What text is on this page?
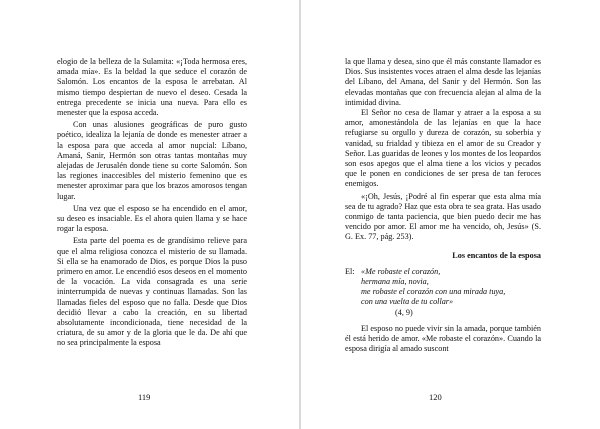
elogio de la belleza de la Sulamita: «¡Toda hermosa eres, amada mía». Es la beldad la que seduce el corazón de Salomón. Los encantos de la esposa le arrebatan. Al mismo tiempo despiertan de nuevo el deseo. Cesada la entrega precedente se inicia una nueva. Para ello es menester que la esposa acceda.

Con unas alusiones geográficas de puro gusto poético, idealiza la lejanía de donde es menester atraer a la esposa para que acceda al amor nupcial: Líbano, Amaná, Sanir, Hermón son otras tantas montañas muy alejadas de Jerusalén donde tiene su corte Salomón. Son las regiones inaccesibles del misterio femenino que es menester aproximar para que los brazos amorosos tengan lugar.

Una vez que el esposo se ha encendido en el amor, su deseo es insaciable. Es el ahora quien llama y se hace rogar la esposa.

Esta parte del poema es de grandísimo relieve para que el alma religiosa conozca el misterio de su llamada. Si ella se ha enamorado de Dios, es porque Dios la puso primero en amor. Le encendió esos deseos en el momento de la vocación. La vida consagrada es una serie ininterrumpida de nuevas y continuas llamadas. Son las llamadas fieles del esposo que no falla. Desde que Dios decidió llevar a cabo la creación, en su libertad absolutamente incondicionada, tiene necesidad de la criatura, de su amor y de la gloria que le da. De ahí que no sea principalmente la esposa

119

la que llama y desea, sino que él más constante llamador es Dios. Sus insistentes voces atraen el alma desde las lejanías del Líbano, del Amana, del Sanir y del Hermón. Son las elevadas montañas que con frecuencia alejan al alma de la intimidad divina.

El Señor no cesa de llamar y atraer a la esposa a su amor, amonestándola de las lejanías en que la hace refugiarse su orgullo y dureza de corazón, su soberbia y vanidad, su frialdad y tibieza en el amor de su Creador y Señor. Las guaridas de leones y los montes de los leopardos son esos apegos que el alma tiene a los vicios y pecados que le ponen en condiciones de ser presa de tan feroces enemigos.

«¡Oh, Jesús, ¡Podré al fin esperar que esta alma mía sea de tu agrado? Haz que esta obra te sea grata. Has usado conmigo de tanta paciencia, que bien puedo decir me has vencido por amor. El amor me ha vencido, oh, Jesús» (S. G. Ex. 77, pág. 253).

Los encantos de la esposa

El: «Me robaste el corazón,
hermana mía, novia,
me robaste el corazón con una mirada tuya,
con una vuelta de tu collar»
(4, 9)

El esposo no puede vivir sin la amada, porque también él está herido de amor. «Me robaste el corazón». Cuando la esposa dirigía al amado suscont

120
